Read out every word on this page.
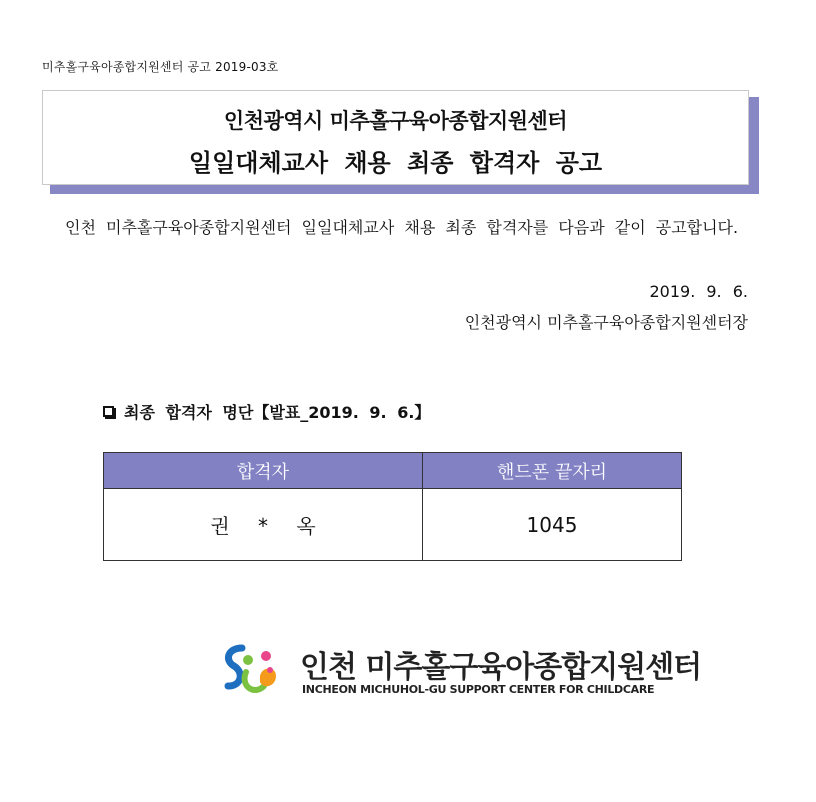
미추홀구육아종합지원센터 공고 2019-03호
인천광역시 미추홀구육아종합지원센터
일일대체교사 채용 최종 합격자 공고
인천 미추홀구육아종합지원센터 일일대체교사 채용 최종 합격자를 다음과 같이 공고합니다.
2019. 9. 6.
인천광역시 미추홀구육아종합지원센터장
최종 합격자 명단【발표_2019. 9. 6.】
합격자	핸드폰 끝자리
권 * 옥	1045
인천 미추홀구육아종합지원센터
INCHEON MICHUHOL-GU SUPPORT CENTER FOR CHILDCARE
